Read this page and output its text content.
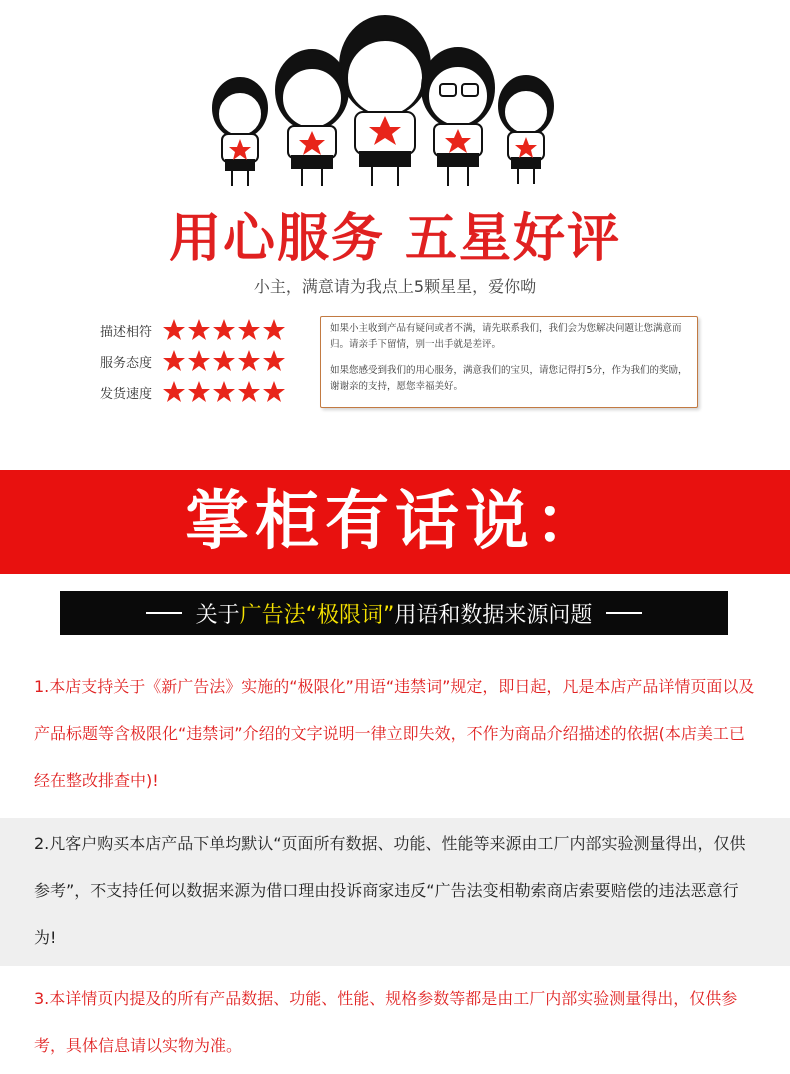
用心服务 五星好评
小主，满意请为我点上5颗星星，爱你呦
描述相符
服务态度
发货速度

如果小主收到产品有疑问或者不满，请先联系我们，我们会为您解决问题让您满意而归。请亲手下留情，别一出手就是差评。

如果您感受到我们的用心服务，满意我们的宝贝，请您记得打5分，作为我们的奖励，谢谢亲的支持，愿您幸福美好。

掌柜有话说：
关于广告法“极限词”用语和数据来源问题
1.本店支持关于《新广告法》实施的“极限化”用语“违禁词”规定，即日起，凡是本店产品详情页面以及产品标题等含极限化“违禁词”介绍的文字说明一律立即失效，不作为商品介绍描述的依据(本店美工已经在整改排查中)!
2.凡客户购买本店产品下单均默认“页面所有数据、功能、性能等来源由工厂内部实验测量得出，仅供参考”，不支持任何以数据来源为借口理由投诉商家违反“广告法变相勒索商店索要赔偿的违法恶意行为!
3.本详情页内提及的所有产品数据、功能、性能、规格参数等都是由工厂内部实验测量得出，仅供参考，具体信息请以实物为准。
